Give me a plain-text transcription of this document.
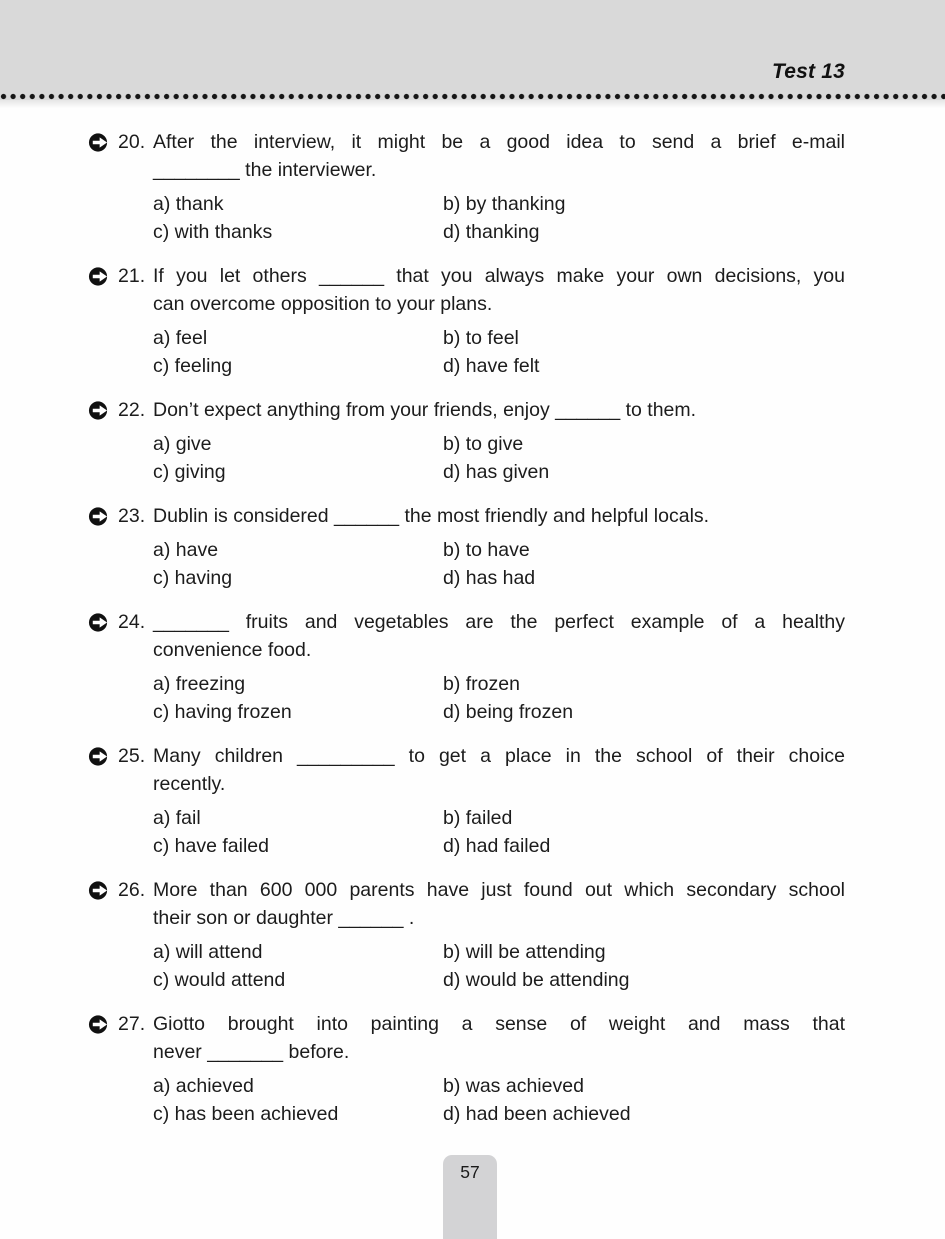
Test 13
20. After the interview, it might be a good idea to send a brief e-mail
________ the interviewer.
a) thank	b) by thanking
c) with thanks	d) thanking
21. If you let others ______ that you always make your own decisions, you
can overcome opposition to your plans.
a) feel	b) to feel
c) feeling	d) have felt
22. Don’t expect anything from your friends, enjoy ______ to them.
a) give	b) to give
c) giving	d) has given
23. Dublin is considered ______ the most friendly and helpful locals.
a) have	b) to have
c) having	d) has had
24. _______ fruits and vegetables are the perfect example of a healthy
convenience food.
a) freezing	b) frozen
c) having frozen	d) being frozen
25. Many children _________ to get a place in the school of their choice
recently.
a) fail	b) failed
c) have failed	d) had failed
26. More than 600 000 parents have just found out which secondary school
their son or daughter ______ .
a) will attend	b) will be attending
c) would attend	d) would be attending
27. Giotto brought into painting a sense of weight and mass that
never _______ before.
a) achieved	b) was achieved
c) has been achieved	d) had been achieved
57
